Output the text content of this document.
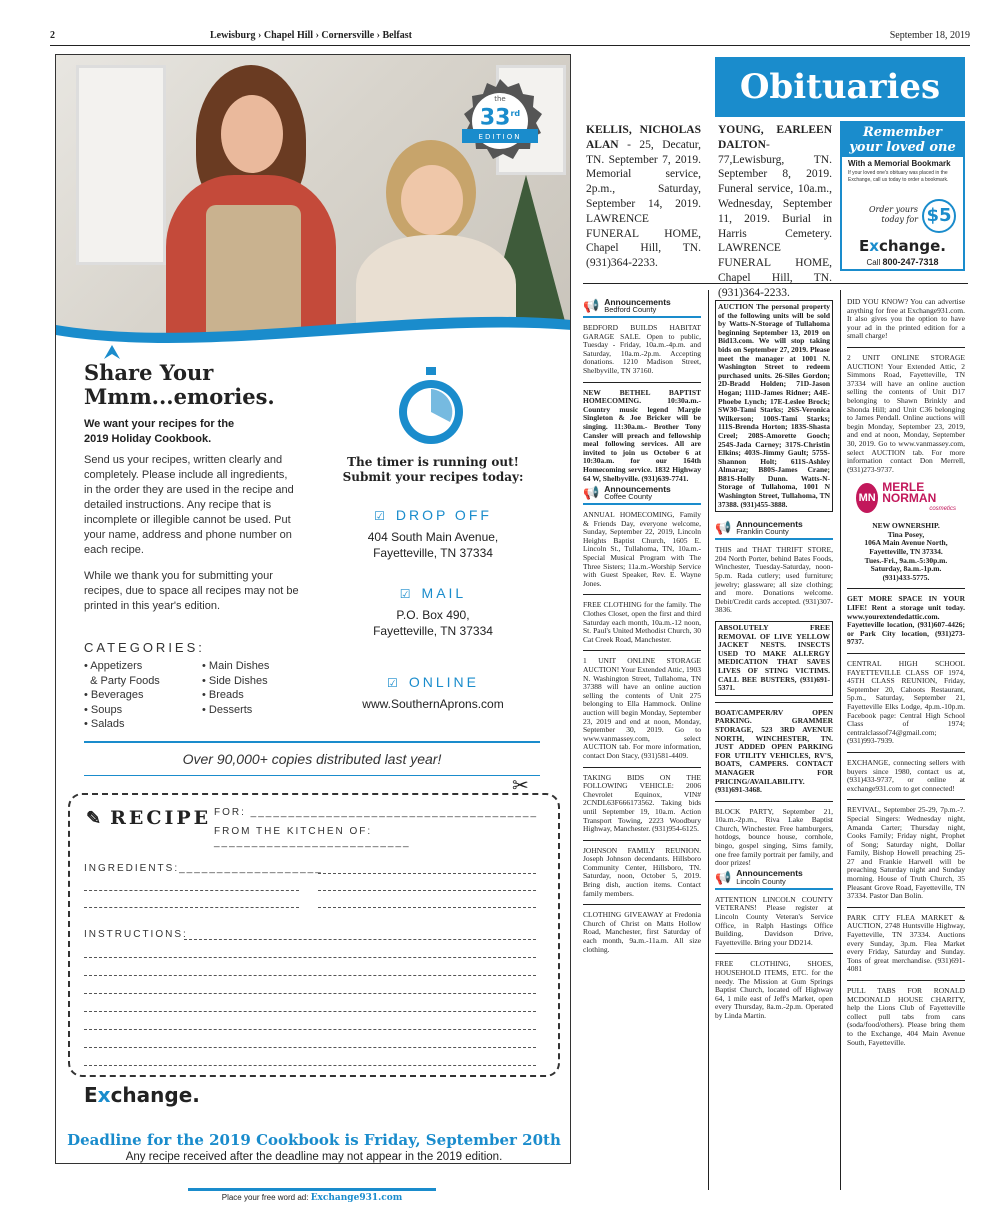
2	Lewisburg › Chapel Hill › Cornersville › Belfast	September 18, 2019
the
33rd
EDITION
Share Your
Mmm...emories.
We want your recipes for the
2019 Holiday Cookbook.
Send us your recipes, written clearly and completely. Please include all ingredients, in the order they are used in the recipe and detailed instructions. Any recipe that is incomplete or illegible cannot be used. Put your name, address and phone number on each recipe.
While we thank you for submitting your recipes, due to space all recipes may not be printed in this year's edition.
CATEGORIES:
• Appetizers
& Party Foods
• Beverages
• Soups
• Salads
• Main Dishes
• Side Dishes
• Breads
• Desserts
The timer is running out!
Submit your recipes today:
☑ DROP OFF
404 South Main Avenue,
Fayetteville, TN 37334
☑ MAIL
P.O. Box 490,
Fayetteville, TN 37334
☑ ONLINE
www.SouthernAprons.com
Over 90,000+ copies distributed last year!
✂
✎ RECIPE FOR: ______________________________________
FROM THE KITCHEN OF: __________________________
INGREDIENTS:___________________
INSTRUCTIONS:
Exchange.
Deadline for the 2019 Cookbook is Friday, September 20th
Any recipe received after the deadline may not appear in the 2019 edition.
Place your free word ad: Exchange931.com
Obituaries
KELLIS, NICHOLAS ALAN - 25, Decatur, TN. September 7, 2019. Memorial service, 2p.m., Saturday, September 14, 2019. LAWRENCE FUNERAL HOME, Chapel Hill, TN. (931)364-2233.
YOUNG, EARLEEN DALTON-77,Lewisburg, TN. September 8, 2019. Funeral service, 10a.m., Wednesday, September 11, 2019. Burial in Harris Cemetery. LAWRENCE FUNERAL HOME, Chapel Hill, TN. (931)364-2233.
Remember
your loved one
With a Memorial Bookmark
If your loved one's obituary was placed in the Exchange, call us today to order a bookmark.
Order yours
today for $5
Exchange.
Call 800-247-7318
📢 Announcements
Bedford County

BEDFORD BUILDS HABITAT GARAGE SALE. Open to public, Tuesday - Friday, 10a.m.-4p.m. and Saturday, 10a.m.-2p.m. Accepting donations. 1210 Madison Street, Shelbyville, TN 37160.

NEW BETHEL BAPTIST HOMECOMING. 10:30a.m.-Country music legend Margie Singleton & Joe Bricker will be singing. 11:30a.m.- Brother Tony Cansler will preach and fellowship meal following services. All are invited to join us October 6 at 10:30a.m. for our 164th Homecoming service. 1832 Highway 64 W, Shelbyville. (931)639-7741.

📢 Announcements
Coffee County

ANNUAL HOMECOMING, Family & Friends Day, everyone welcome, Sunday, September 22, 2019, Lincoln Heights Baptist Church, 1605 E. Lincoln St., Tullahoma, TN, 10a.m.-Special Musical Program with The Three Sisters; 11a.m.-Worship Service with Guest Speaker, Rev. E. Wayne Jones.

FREE CLOTHING for the family. The Clothes Closet, open the first and third Saturday each month, 10a.m.-12 noon, St. Paul's United Methodist Church, 30 Cat Creek Road, Manchester.

1 UNIT ONLINE STORAGE AUCTION! Your Extended Attic, 1903 N. Washington Street, Tullahoma, TN 37388 will have an online auction selling the contents of Unit 275 belonging to Ella Hammock. Online auction will begin Monday, September 23, 2019 and end at noon, Monday, September 30, 2019. Go to www.vanmassey.com, select AUCTION tab. For more information, contact Don Stacy, (931)581-4409.

TAKING BIDS ON THE FOLLOWING VEHICLE: 2006 Chevrolet Equinox, VIN# 2CNDL63F666173562. Taking bids until September 19, 10a.m. Action Transport Towing, 2223 Woodbury Highway, Manchester. (931)954-6125.

JOHNSON FAMILY REUNION. Joseph Johnson decendants. Hillsboro Community Center, Hillsboro, TN. Saturday, noon, October 5, 2019. Bring dish, auction items. Contact family members.

CLOTHING GIVEAWAY at Fredonia Church of Christ on Matts Hollow Road, Manchester, first Saturday of each month, 9a.m.-11a.m. All size clothing.

AUCTION The personal property of the following units will be sold by Watts-N-Storage of Tullahoma beginning September 13, 2019 on Bid13.com. We will stop taking bids on September 27, 2019. Please meet the manager at 1001 N. Washington Street to redeem purchased units. 26-Siles Gordon; 2D-Bradd Holden; 71D-Jason Hogan; 111D-James Ridner; A4E-Phoebe Lynch; 17E-Leslee Brock; SW30-Tami Starks; 26S-Veronica Wilkerson; 100S-Tami Starks; 111S-Brenda Horton; 183S-Shasta Creel; 208S-Amorette Gooch; 254S-Jada Carney; 317S-Christin Elkins; 403S-Jimmy Gault; 575S-Shannon Holt; 611S-Ashley Almaraz; B80S-James Crane; B81S-Holly Dunn. Watts-N-Storage of Tullahoma, 1001 N Washington Street, Tullahoma, TN 37388. (931)455-3888.

📢 Announcements
Franklin County

THIS and THAT THRIFT STORE, 204 North Porter, behind Bates Foods, Winchester, Tuesday-Saturday, noon-5p.m. Rada cutlery; used furniture; jewelry; glassware; all size clothing; and more. Donations welcome. Debit/Credit cards accepted. (931)307-3836.

ABSOLUTELY FREE REMOVAL OF LIVE YELLOW JACKET NESTS. INSECTS USED TO MAKE ALLERGY MEDICATION THAT SAVES LIVES OF STING VICTIMS. CALL BEE BUSTERS, (931)691-5371.

BOAT/CAMPER/RV OPEN PARKING. GRAMMER STORAGE, 523 3RD AVENUE NORTH, WINCHESTER, TN. JUST ADDED OPEN PARKING FOR UTILITY VEHICLES, RV'S, BOATS, CAMPERS. CONTACT MANAGER FOR PRICING/AVAILABILITY. (931)691-3468.

BLOCK PARTY, September 21, 10a.m.-2p.m., Riva Lake Baptist Church, Winchester. Free hamburgers, hotdogs, bounce house, cornhole, bingo, gospel singing, Sims family, one free family portrait per family, and door prizes!

📢 Announcements
Lincoln County

ATTENTION LINCOLN COUNTY VETERANS! Please register at Lincoln County Veteran's Service Office, in Ralph Hastings Office Building, Davidson Drive, Fayetteville. Bring your DD214.

FREE CLOTHING, SHOES, HOUSEHOLD ITEMS, ETC. for the needy. The Mission at Gum Springs Baptist Church, located off Highway 64, 1 mile east of Jeff's Market, open every Thursday, 8a.m.-2p.m. Operated by Linda Martin.

DID YOU KNOW? You can advertise anything for free at Exchange931.com. It also gives you the option to have your ad in the printed edition for a small charge!

2 UNIT ONLINE STORAGE AUCTION! Your Extended Attic, 2 Simmons Road, Fayetteville, TN 37334 will have an online auction selling the contents of Unit D17 belonging to Shawn Brinkly and Shonda Hill; and Unit C36 belonging to James Pendall. Online auctions will begin Monday, September 23, 2019, and end at noon, Monday, September 30, 2019. Go to www.vanmassey.com, select AUCTION tab. For more information contact Don Merrell, (931)273-9737.

MN
MERLE NORMAN
cosmetics
NEW OWNERSHIP.
Tina Posey,
106A Main Avenue North,
Fayetteville, TN 37334.
Tues.-Fri., 9a.m.-5:30p.m.
Saturday, 8a.m.-1p.m.
(931)433-5775.

GET MORE SPACE IN YOUR LIFE! Rent a storage unit today. www.yourextendedattic.com. Fayetteville location, (931)607-4426; or Park City location, (931)273-9737.

CENTRAL HIGH SCHOOL FAYETTEVILLE CLASS OF 1974, 45TH CLASS REUNION, Friday, September 20, Cahoots Restaurant, 5p.m., Saturday, September 21, Fayetteville Elks Lodge, 4p.m.-10p.m. Facebook page: Central High School Class of 1974; centralclassof74@gmail.com; (931)993-7939.

EXCHANGE, connecting sellers with buyers since 1980, contact us at, (931)433-9737, or online at exchange931.com to get connected!

REVIVAL, September 25-29, 7p.m.-?. Special Singers: Wednesday night, Amanda Carter; Thursday night, Cooks Family; Friday night, Prophet of Song; Saturday night, Dollar Family, Bishop Howell preaching 25-27 and Frankie Harwell will be preaching Saturday night and Sunday morning. House of Truth Church, 35 Pleasant Grove Road, Fayetteville, TN 37334. Pastor Dan Bolin.

PARK CITY FLEA MARKET & AUCTION, 2748 Huntsville Highway, Fayetteville, TN 37334. Auctions every Sunday, 3p.m. Flea Market every Friday, Saturday and Sunday. Tons of great merchandise. (931)691-4081

PULL TABS FOR RONALD MCDONALD HOUSE CHARITY, help the Lions Club of Fayetteville collect pull tabs from cans (soda/food/others). Please bring them to the Exchange, 404 Main Avenue South, Fayetteville.
